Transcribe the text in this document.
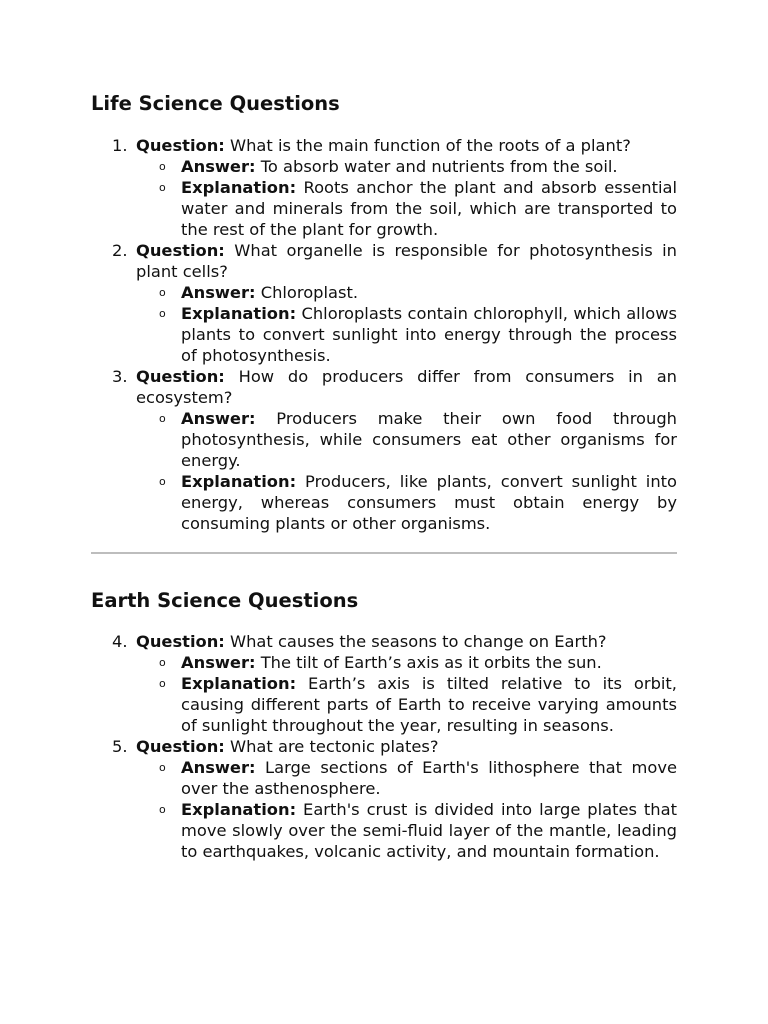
Life Science Questions
1. Question: What is the main function of the roots of a plant?
o Answer: To absorb water and nutrients from the soil.
o Explanation: Roots anchor the plant and absorb essential water and minerals from the soil, which are transported to the rest of the plant for growth.
2. Question: What organelle is responsible for photosynthesis in plant cells?
o Answer: Chloroplast.
o Explanation: Chloroplasts contain chlorophyll, which allows plants to convert sunlight into energy through the process of photosynthesis.
3. Question: How do producers differ from consumers in an ecosystem?
o Answer: Producers make their own food through photosynthesis, while consumers eat other organisms for energy.
o Explanation: Producers, like plants, convert sunlight into energy, whereas consumers must obtain energy by consuming plants or other organisms.
Earth Science Questions
4. Question: What causes the seasons to change on Earth?
o Answer: The tilt of Earth’s axis as it orbits the sun.
o Explanation: Earth’s axis is tilted relative to its orbit, causing different parts of Earth to receive varying amounts of sunlight throughout the year, resulting in seasons.
5. Question: What are tectonic plates?
o Answer: Large sections of Earth's lithosphere that move over the asthenosphere.
o Explanation: Earth's crust is divided into large plates that move slowly over the semi-fluid layer of the mantle, leading to earthquakes, volcanic activity, and mountain formation.
